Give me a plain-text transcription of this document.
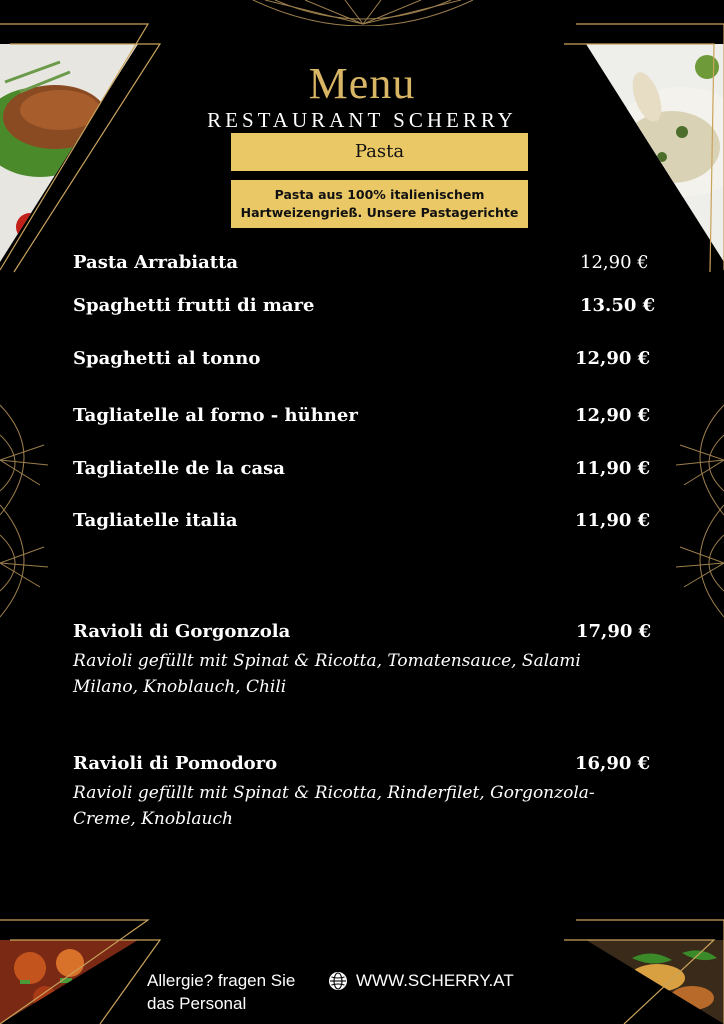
Menu
RESTAURANT SCHERRY
Pasta
Pasta aus 100% italienischem
Hartweizengrieß. Unsere Pastagerichte
Pasta Arrabiatta	12,90 €
Spaghetti frutti di mare	13.50 €
Spaghetti al tonno	12,90 €
Tagliatelle al forno - hühner	12,90 €
Tagliatelle de la casa	11,90 €
Tagliatelle italia	11,90 €
Ravioli di Gorgonzola	17,90 €
Ravioli gefüllt mit Spinat & Ricotta, Tomatensauce, Salami
Milano, Knoblauch, Chili
Ravioli di Pomodoro	16,90 €
Ravioli gefüllt mit Spinat & Ricotta, Rinderfilet, Gorgonzola-
Creme, Knoblauch
Allergie? fragen Sie
das Personal
WWW.SCHERRY.AT
